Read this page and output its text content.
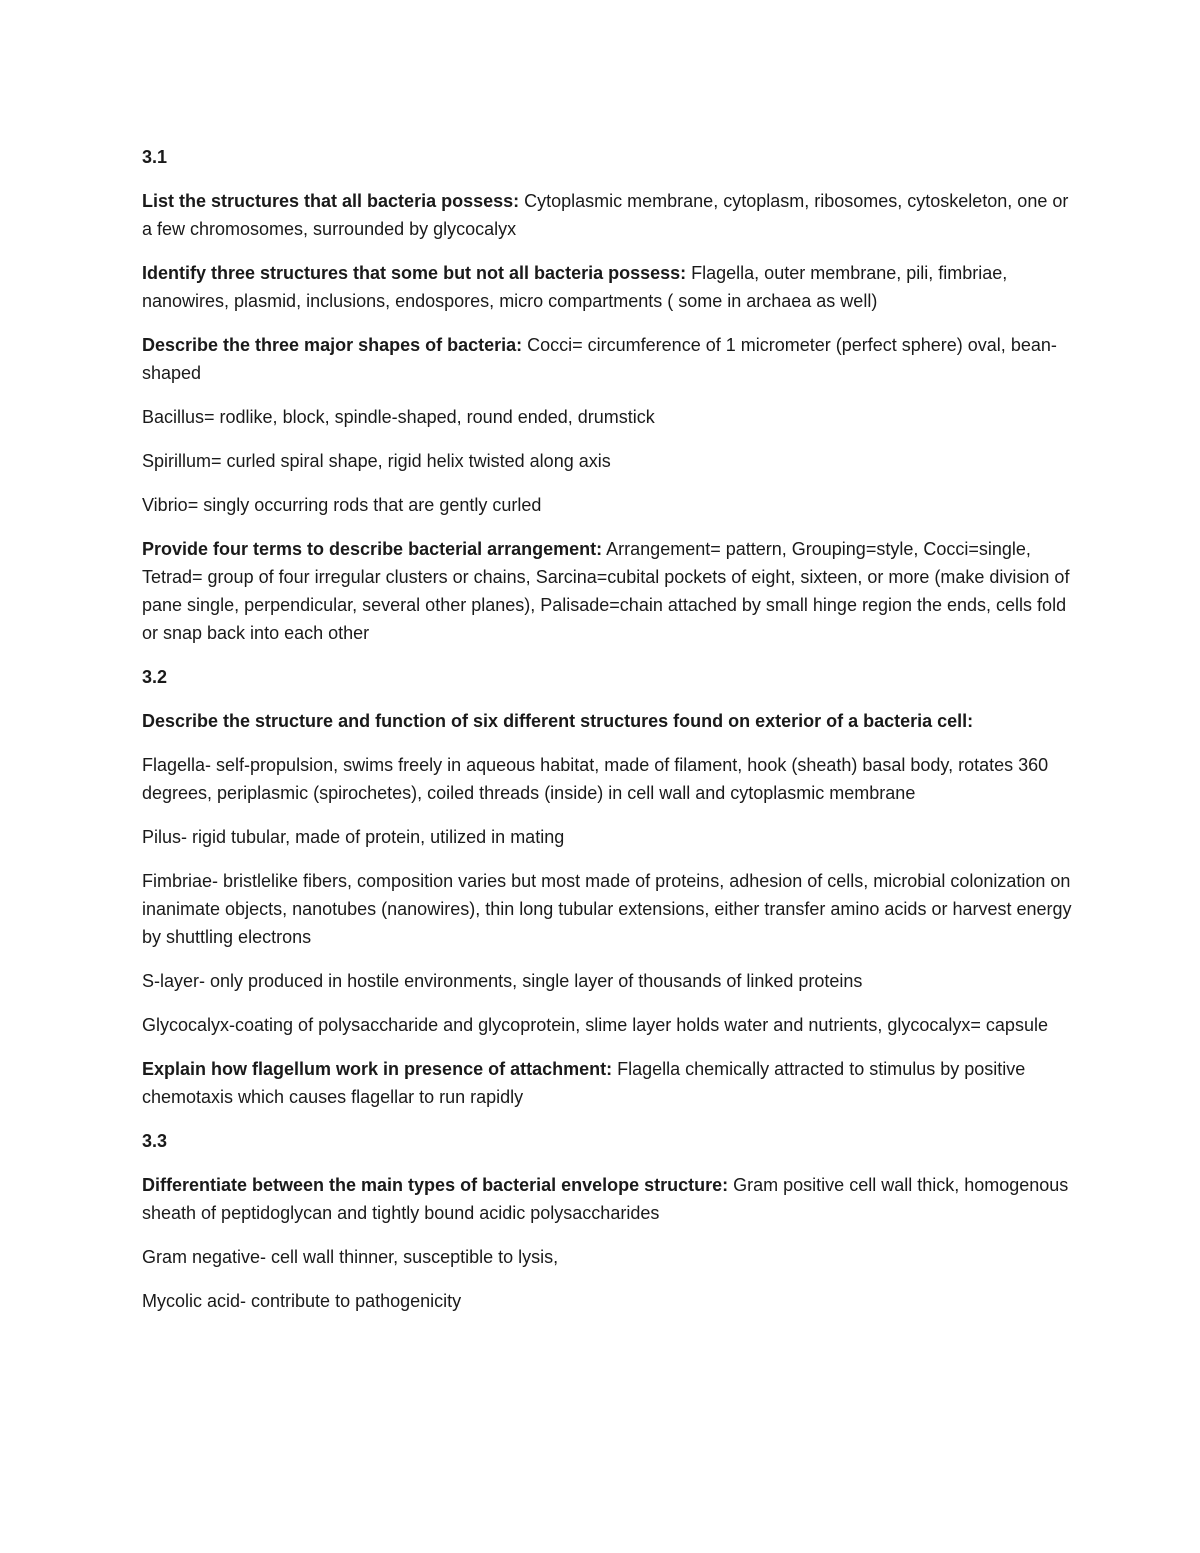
3.1

List the structures that all bacteria possess: Cytoplasmic membrane, cytoplasm, ribosomes, cytoskeleton, one or a few chromosomes, surrounded by glycocalyx

Identify three structures that some but not all bacteria possess: Flagella, outer membrane, pili, fimbriae, nanowires, plasmid, inclusions, endospores, micro compartments ( some in archaea as well)

Describe the three major shapes of bacteria: Cocci= circumference of 1 micrometer (perfect sphere) oval, bean- shaped

Bacillus= rodlike, block, spindle-shaped, round ended, drumstick

Spirillum= curled spiral shape, rigid helix twisted along axis

Vibrio= singly occurring rods that are gently curled

Provide four terms to describe bacterial arrangement: Arrangement= pattern, Grouping=style, Cocci=single, Tetrad= group of four irregular clusters or chains, Sarcina=cubital pockets of eight, sixteen, or more (make division of pane single, perpendicular, several other planes), Palisade=chain attached by small hinge region the ends, cells fold or snap back into each other

3.2

Describe the structure and function of six different structures found on exterior of a bacteria cell:

Flagella- self-propulsion, swims freely in aqueous habitat, made of filament, hook (sheath) basal body, rotates 360 degrees, periplasmic (spirochetes), coiled threads (inside) in cell wall and cytoplasmic membrane

Pilus- rigid tubular, made of protein, utilized in mating

Fimbriae- bristlelike fibers, composition varies but most made of proteins, adhesion of cells, microbial colonization on inanimate objects, nanotubes (nanowires), thin long tubular extensions, either transfer amino acids or harvest energy by shuttling electrons

S-layer- only produced in hostile environments, single layer of thousands of linked proteins

Glycocalyx-coating of polysaccharide and glycoprotein, slime layer holds water and nutrients, glycocalyx= capsule

Explain how flagellum work in presence of attachment: Flagella chemically attracted to stimulus by positive chemotaxis which causes flagellar to run rapidly

3.3

Differentiate between the main types of bacterial envelope structure: Gram positive cell wall thick, homogenous sheath of peptidoglycan and tightly bound acidic polysaccharides

Gram negative- cell wall thinner, susceptible to lysis,

Mycolic acid- contribute to pathogenicity
